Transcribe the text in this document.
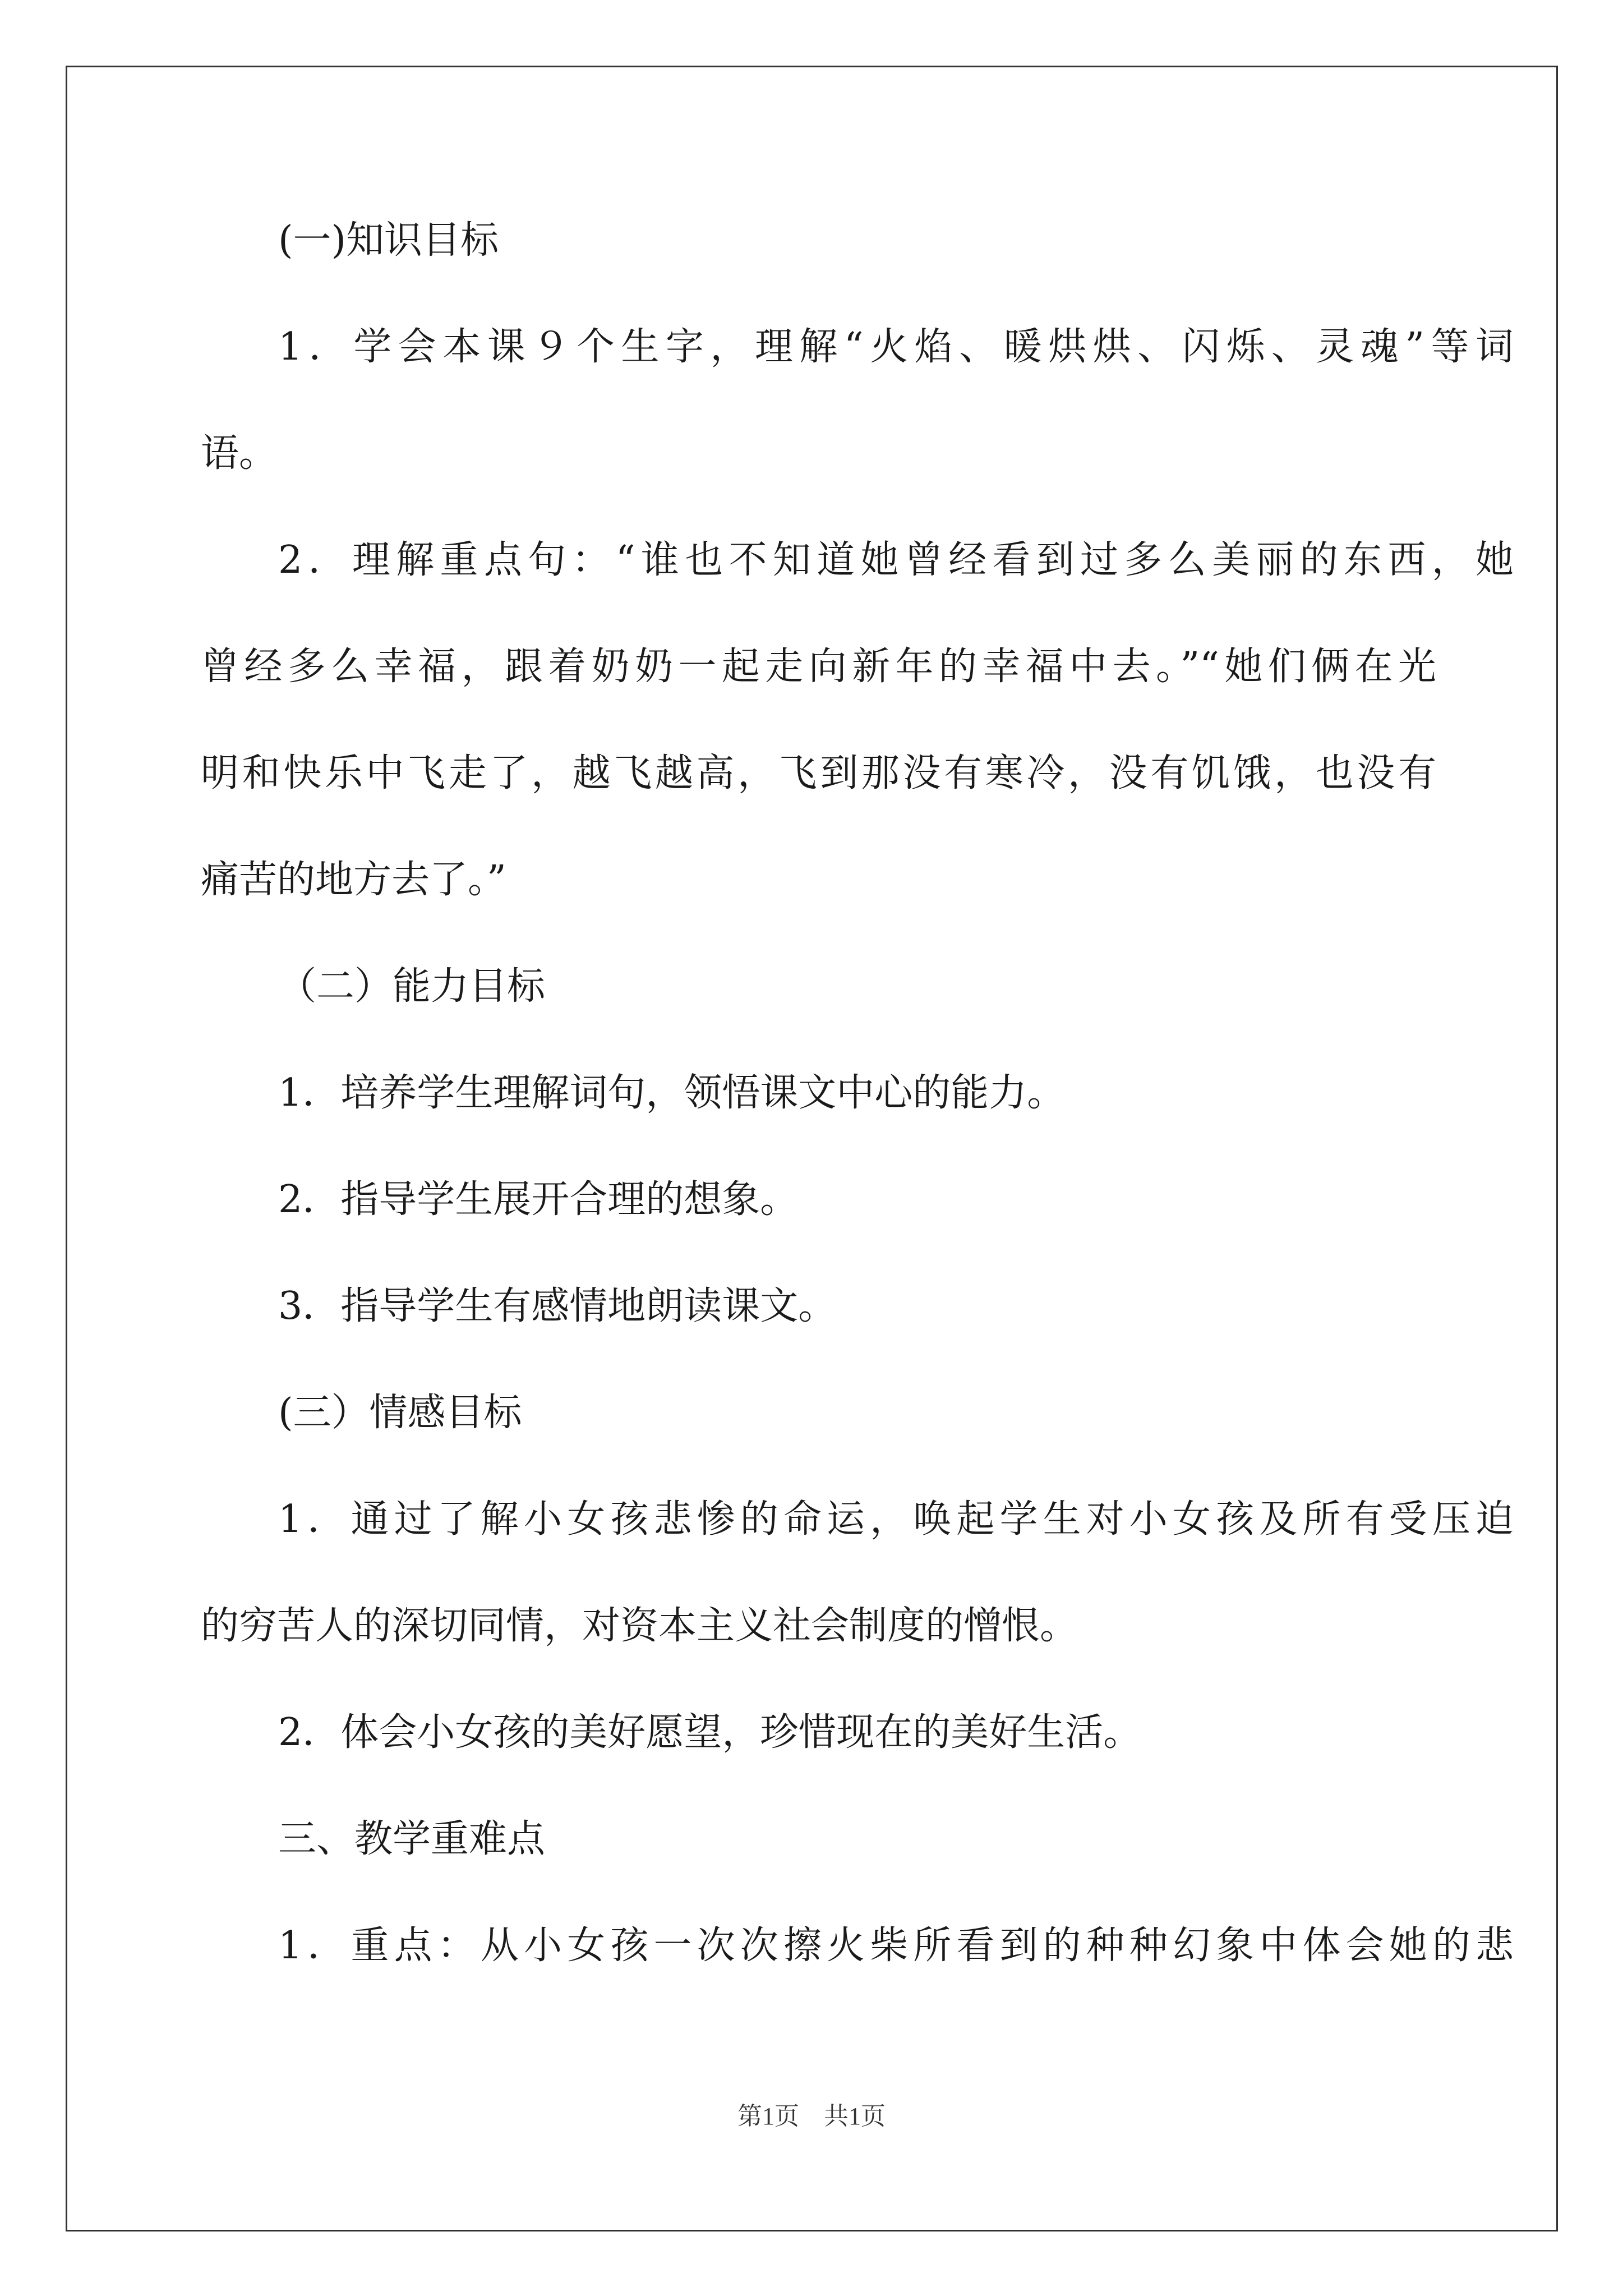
(一)知识目标
1．学会本课９个生字，理解“火焰、暖烘烘、闪烁、灵魂”等词
语。
2．理解重点句：“谁也不知道她曾经看到过多么美丽的东西，她
曾经多么幸福，跟着奶奶一起走向新年的幸福中去。”“她们俩在光
明和快乐中飞走了，越飞越高，飞到那没有寒冷，没有饥饿，也没有
痛苦的地方去了。”
（二）能力目标
1．培养学生理解词句，领悟课文中心的能力。
2．指导学生展开合理的想象。
3．指导学生有感情地朗读课文。
(三）情感目标
1．通过了解小女孩悲惨的命运，唤起学生对小女孩及所有受压迫
的穷苦人的深切同情，对资本主义社会制度的憎恨。
2．体会小女孩的美好愿望，珍惜现在的美好生活。
三、教学重难点
1．重点：从小女孩一次次擦火柴所看到的种种幻象中体会她的悲
第1页　共1页
